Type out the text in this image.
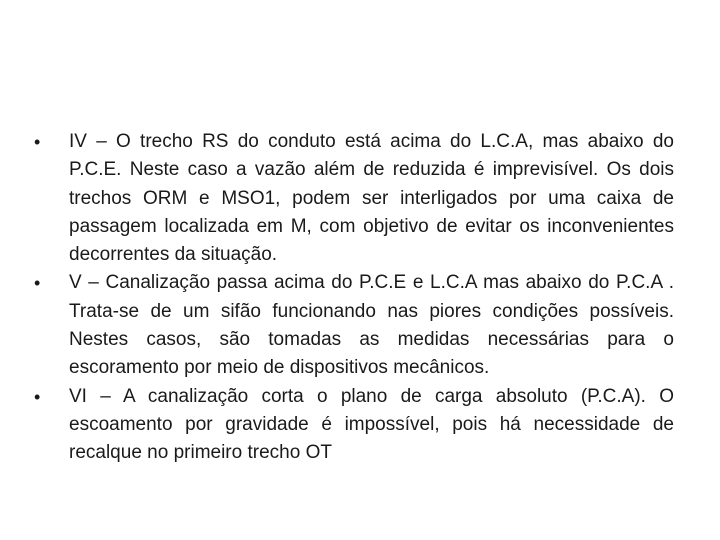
•	IV – O trecho RS do conduto está acima do L.C.A, mas abaixo do P.C.E. Neste caso a vazão além de reduzida é imprevisível. Os dois trechos ORM e MSO1, podem ser interligados por uma caixa de passagem localizada em M, com objetivo de evitar os inconvenientes decorrentes da situação.
•	V – Canalização passa acima do P.C.E e L.C.A mas abaixo do P.C.A . Trata-se de um sifão funcionando nas piores condições possíveis. Nestes casos, são tomadas as medidas necessárias para o escoramento por meio de dispositivos mecânicos.
•	VI – A canalização corta o plano de carga absoluto (P.C.A). O escoamento por gravidade é impossível, pois há necessidade de recalque no primeiro trecho OT
